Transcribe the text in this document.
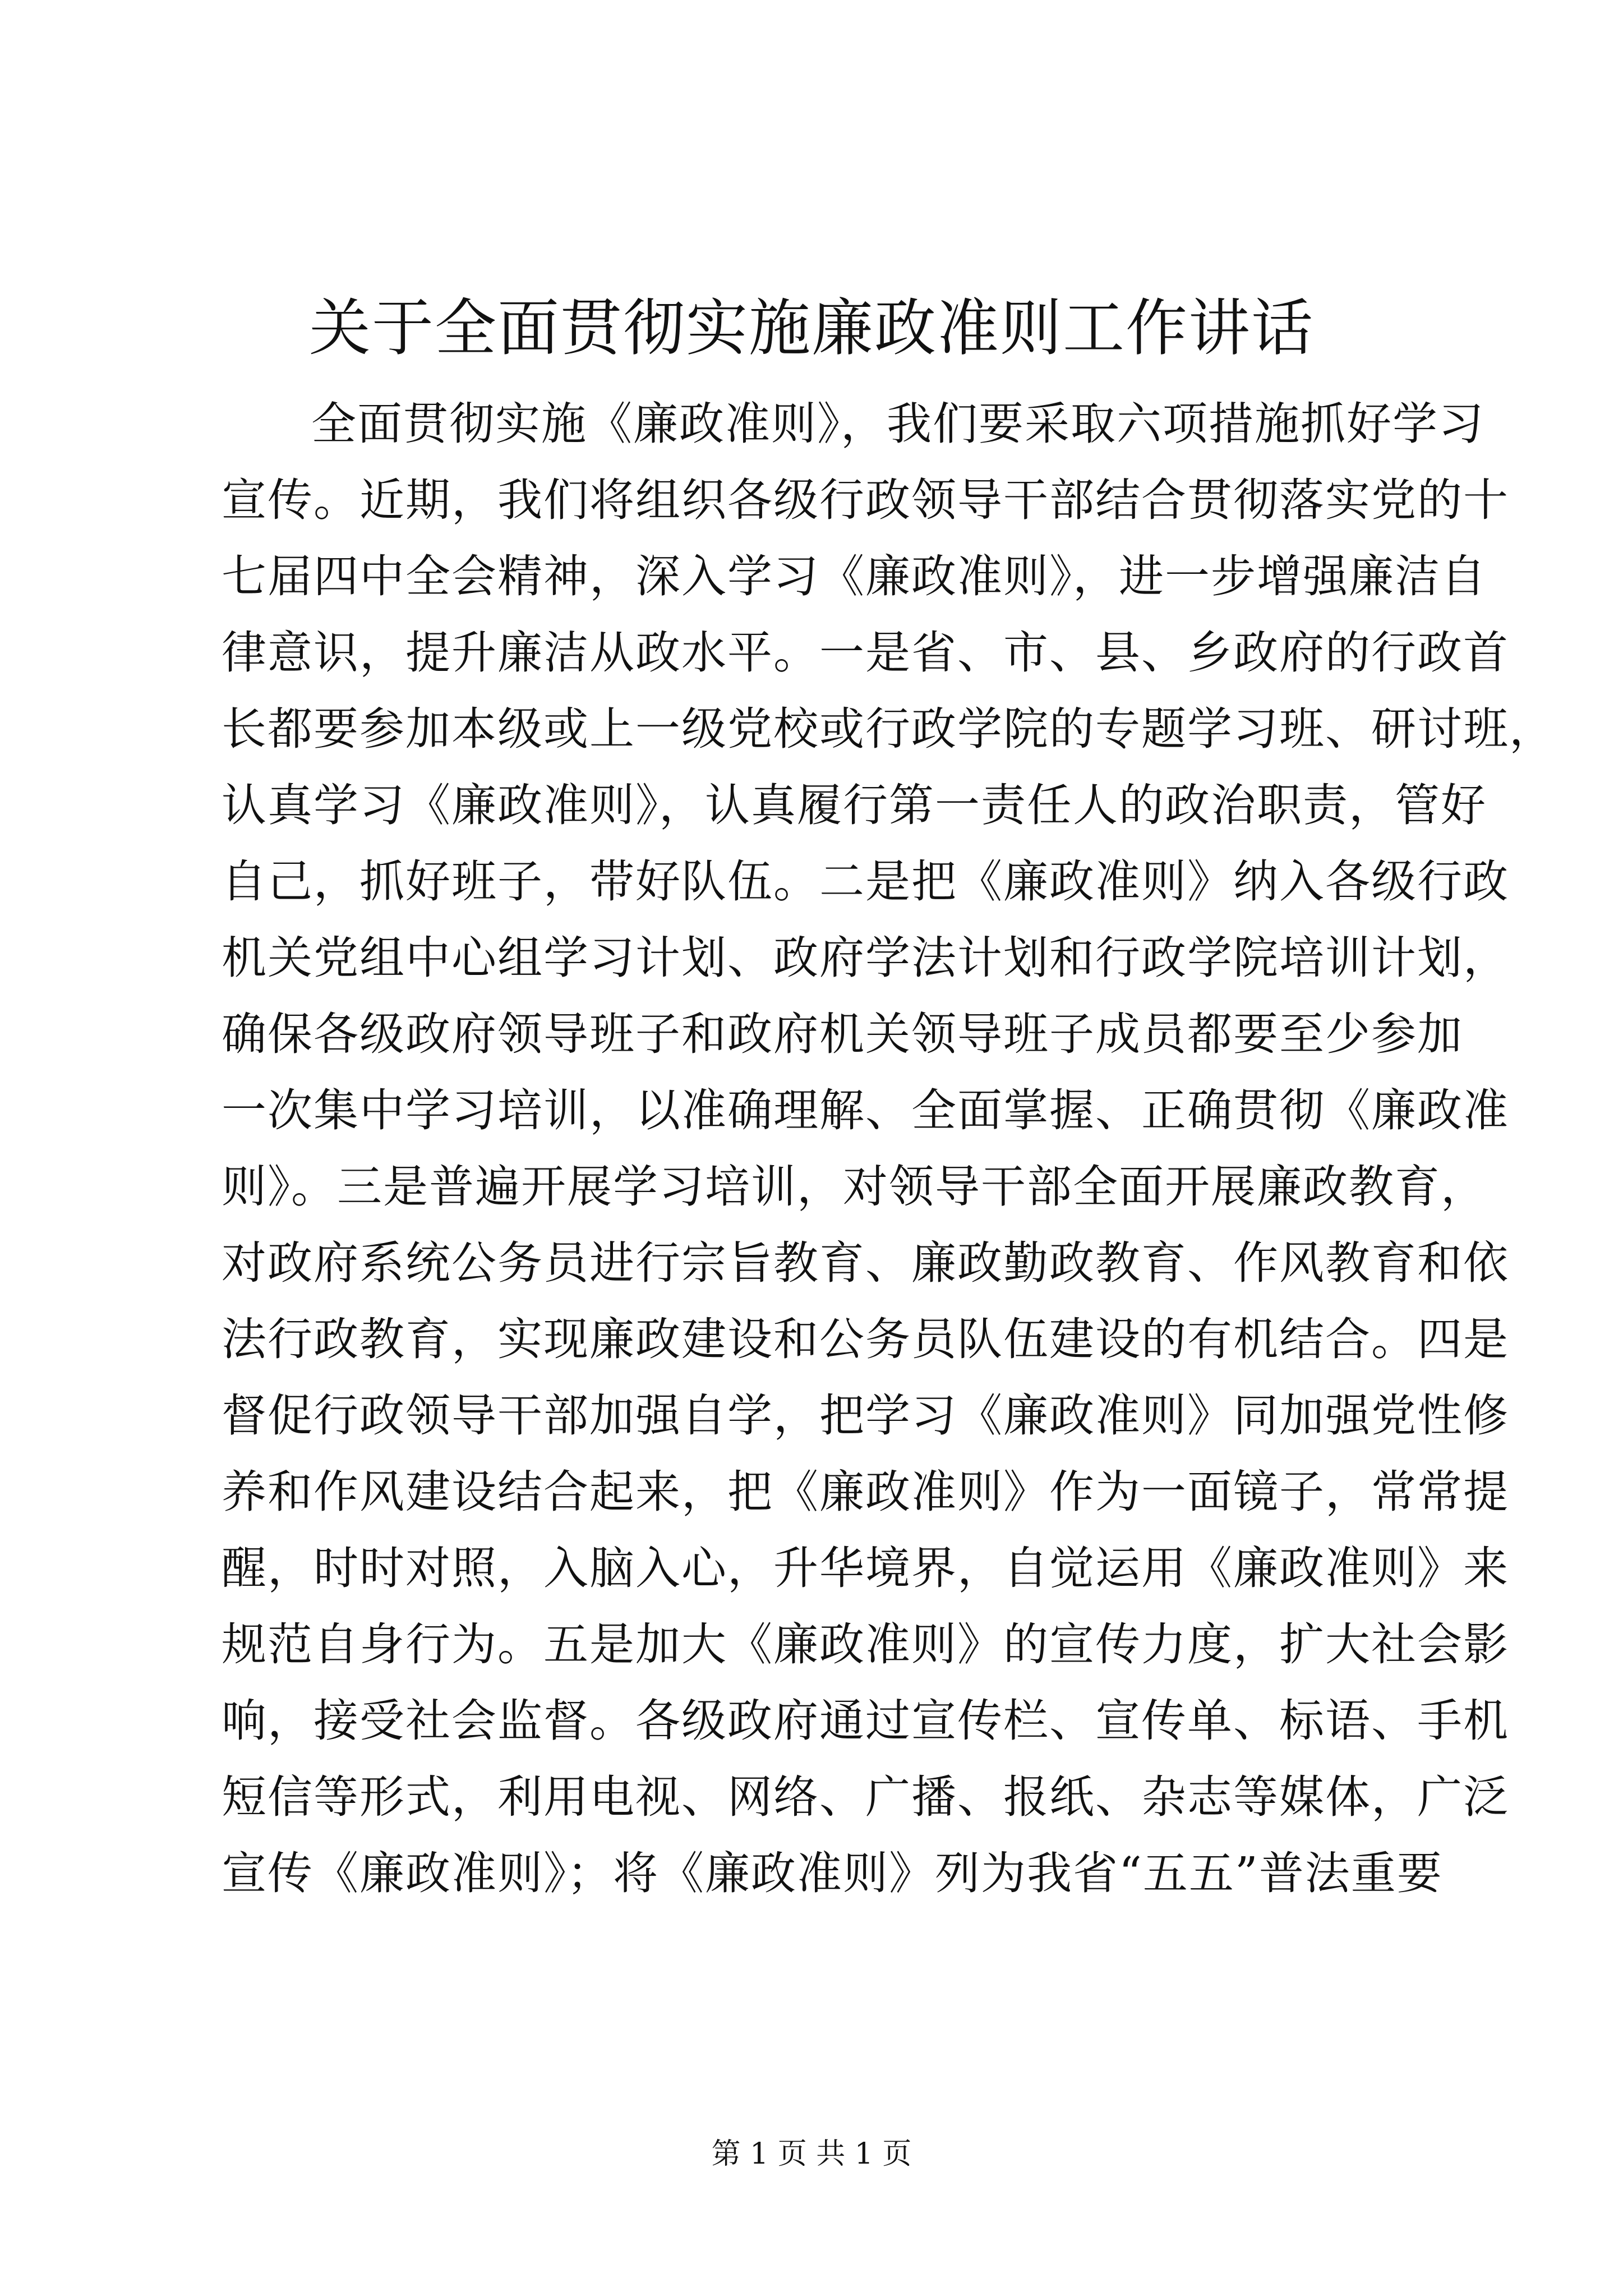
关于全面贯彻实施廉政准则工作讲话
全面贯彻实施《廉政准则》，我们要采取六项措施抓好学习
宣传。近期，我们将组织各级行政领导干部结合贯彻落实党的十
七届四中全会精神，深入学习《廉政准则》，进一步增强廉洁自
律意识，提升廉洁从政水平。一是省、市、县、乡政府的行政首
长都要参加本级或上一级党校或行政学院的专题学习班、研讨班，
认真学习《廉政准则》，认真履行第一责任人的政治职责，管好
自己，抓好班子，带好队伍。二是把《廉政准则》纳入各级行政
机关党组中心组学习计划、政府学法计划和行政学院培训计划，
确保各级政府领导班子和政府机关领导班子成员都要至少参加
一次集中学习培训，以准确理解、全面掌握、正确贯彻《廉政准
则》。三是普遍开展学习培训，对领导干部全面开展廉政教育，
对政府系统公务员进行宗旨教育、廉政勤政教育、作风教育和依
法行政教育，实现廉政建设和公务员队伍建设的有机结合。四是
督促行政领导干部加强自学，把学习《廉政准则》同加强党性修
养和作风建设结合起来，把《廉政准则》作为一面镜子，常常提
醒，时时对照，入脑入心，升华境界，自觉运用《廉政准则》来
规范自身行为。五是加大《廉政准则》的宣传力度，扩大社会影
响，接受社会监督。各级政府通过宣传栏、宣传单、标语、手机
短信等形式，利用电视、网络、广播、报纸、杂志等媒体，广泛
宣传《廉政准则》；将《廉政准则》列为我省“五五”普法重要
第 1 页 共 1 页
